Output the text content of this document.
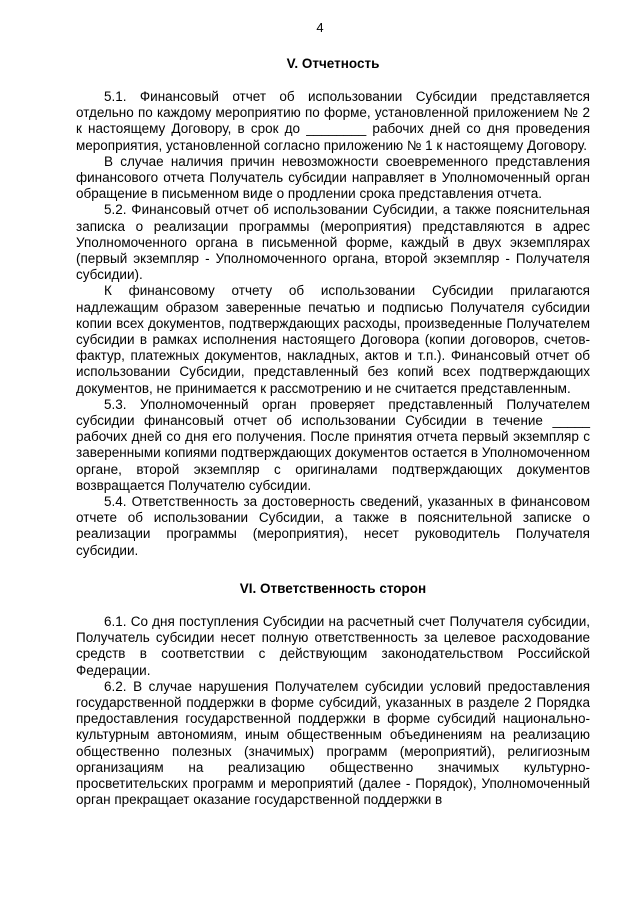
4
V. Отчетность

5.1. Финансовый отчет об использовании Субсидии представляется отдельно по каждому мероприятию по форме, установленной приложением № 2 к настоящему Договору, в срок до ________ рабочих дней со дня проведения мероприятия, установленной согласно приложению № 1 к настоящему Договору.

В случае наличия причин невозможности своевременного представления финансового отчета Получатель субсидии направляет в Уполномоченный орган обращение в письменном виде о продлении срока представления отчета.

5.2. Финансовый отчет об использовании Субсидии, а также пояснительная записка о реализации программы (мероприятия) представляются в адрес Уполномоченного органа в письменной форме, каждый в двух экземплярах (первый экземпляр - Уполномоченного органа, второй экземпляр - Получателя субсидии).

К финансовому отчету об использовании Субсидии прилагаются надлежащим образом заверенные печатью и подписью Получателя субсидии копии всех документов, подтверждающих расходы, произведенные Получателем субсидии в рамках исполнения настоящего Договора (копии договоров, счетов-фактур, платежных документов, накладных, актов и т.п.). Финансовый отчет об использовании Субсидии, представленный без копий всех подтверждающих документов, не принимается к рассмотрению и не считается представленным.

5.3. Уполномоченный орган проверяет представленный Получателем субсидии финансовый отчет об использовании Субсидии в течение _____ рабочих дней со дня его получения. После принятия отчета первый экземпляр с заверенными копиями подтверждающих документов остается в Уполномоченном органе, второй экземпляр с оригиналами подтверждающих документов возвращается Получателю субсидии.

5.4. Ответственность за достоверность сведений, указанных в финансовом отчете об использовании Субсидии, а также в пояснительной записке о реализации программы (мероприятия), несет руководитель Получателя субсидии.

VI. Ответственность сторон

6.1. Со дня поступления Субсидии на расчетный счет Получателя субсидии, Получатель субсидии несет полную ответственность за целевое расходование средств в соответствии с действующим законодательством Российской Федерации.

6.2. В случае нарушения Получателем субсидии условий предоставления государственной поддержки в форме субсидий, указанных в разделе 2 Порядка предоставления государственной поддержки в форме субсидий национально-культурным автономиям, иным общественным объединениям на реализацию общественно полезных (значимых) программ (мероприятий), религиозным организациям на реализацию общественно значимых культурно-просветительских программ и мероприятий (далее - Порядок), Уполномоченный орган прекращает оказание государственной поддержки в
